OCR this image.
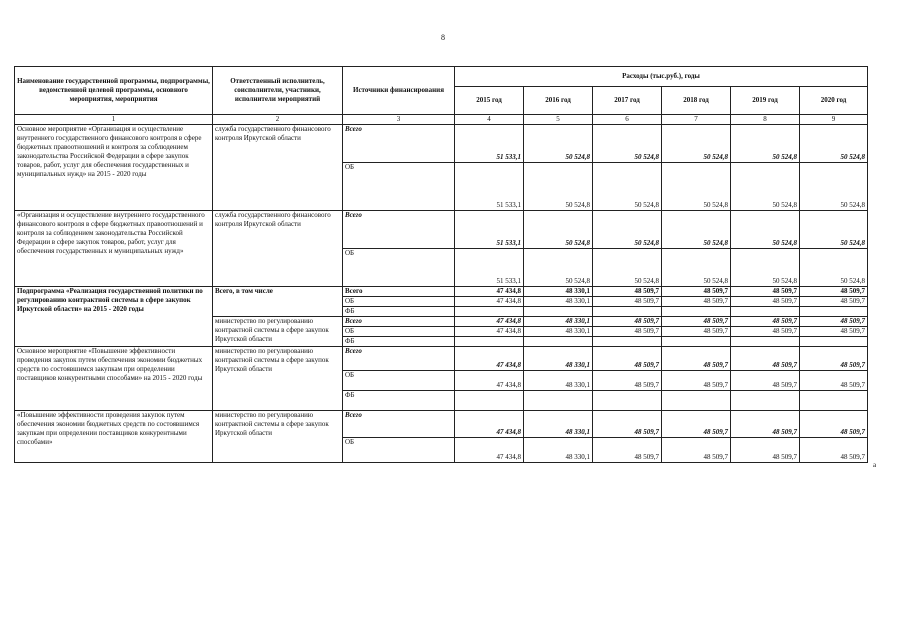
8
а
Наименование государственной программы, подпрограммы, ведомственной целевой программы, основного мероприятия, мероприятия	Ответственный исполнитель, соисполнители, участники, исполнители мероприятий	Источники финансирования	Расходы (тыс.руб.), годы					
			2015 год	2016 год	2017 год	2018 год	2019 год	2020 год
1	2	3	4	5	6	7	8	9
Основное мероприятие «Организация и осуществление внутреннего государственного финансового контроля в сфере бюджетных правоотношений и контроля за соблюдением законодательства Российской Федерации в сфере закупок товаров, работ, услуг для обеспечения государственных и муниципальных нужд» на 2015 - 2020 годы	служба государственного финансового контроля Иркутской области	Всего	51 533,1	50 524,8	50 524,8	50 524,8	50 524,8	50 524,8
		ОБ	51 533,1	50 524,8	50 524,8	50 524,8	50 524,8	50 524,8
«Организация и осуществление внутреннего государственного финансового контроля в сфере бюджетных правоотношений и контроля за соблюдением законодательства Российской Федерации в сфере закупок товаров, работ, услуг для обеспечения государственных и муниципальных нужд»	служба государственного финансового контроля Иркутской области	Всего	51 533,1	50 524,8	50 524,8	50 524,8	50 524,8	50 524,8
		ОБ	51 533,1	50 524,8	50 524,8	50 524,8	50 524,8	50 524,8
Подпрограмма «Реализация государственной политики по регулированию контрактной системы в сфере закупок Иркутской области» на 2015 - 2020 годы	Всего, в том числе	Всего	47 434,8	48 330,1	48 509,7	48 509,7	48 509,7	48 509,7
		ОБ	47 434,8	48 330,1	48 509,7	48 509,7	48 509,7	48 509,7
		ФБ						
	министерство по регулированию контрактной системы в сфере закупок Иркутской области	Всего	47 434,8	48 330,1	48 509,7	48 509,7	48 509,7	48 509,7
		ОБ	47 434,8	48 330,1	48 509,7	48 509,7	48 509,7	48 509,7
		ФБ						
Основное мероприятие «Повышение эффективности проведения закупок путем обеспечения экономии бюджетных средств по состоявшимся закупкам при определении поставщиков конкурентными способами» на 2015 - 2020 годы	министерство по регулированию контрактной системы в сфере закупок Иркутской области	Всего	47 434,8	48 330,1	48 509,7	48 509,7	48 509,7	48 509,7
		ОБ	47 434,8	48 330,1	48 509,7	48 509,7	48 509,7	48 509,7
		ФБ						
«Повышение эффективности проведения закупок путем обеспечения экономии бюджетных средств по состоявшимся закупкам при определении поставщиков конкурентными способами»	министерство по регулированию контрактной системы в сфере закупок Иркутской области	Всего	47 434,8	48 330,1	48 509,7	48 509,7	48 509,7	48 509,7
		ОБ	47 434,8	48 330,1	48 509,7	48 509,7	48 509,7	48 509,7
